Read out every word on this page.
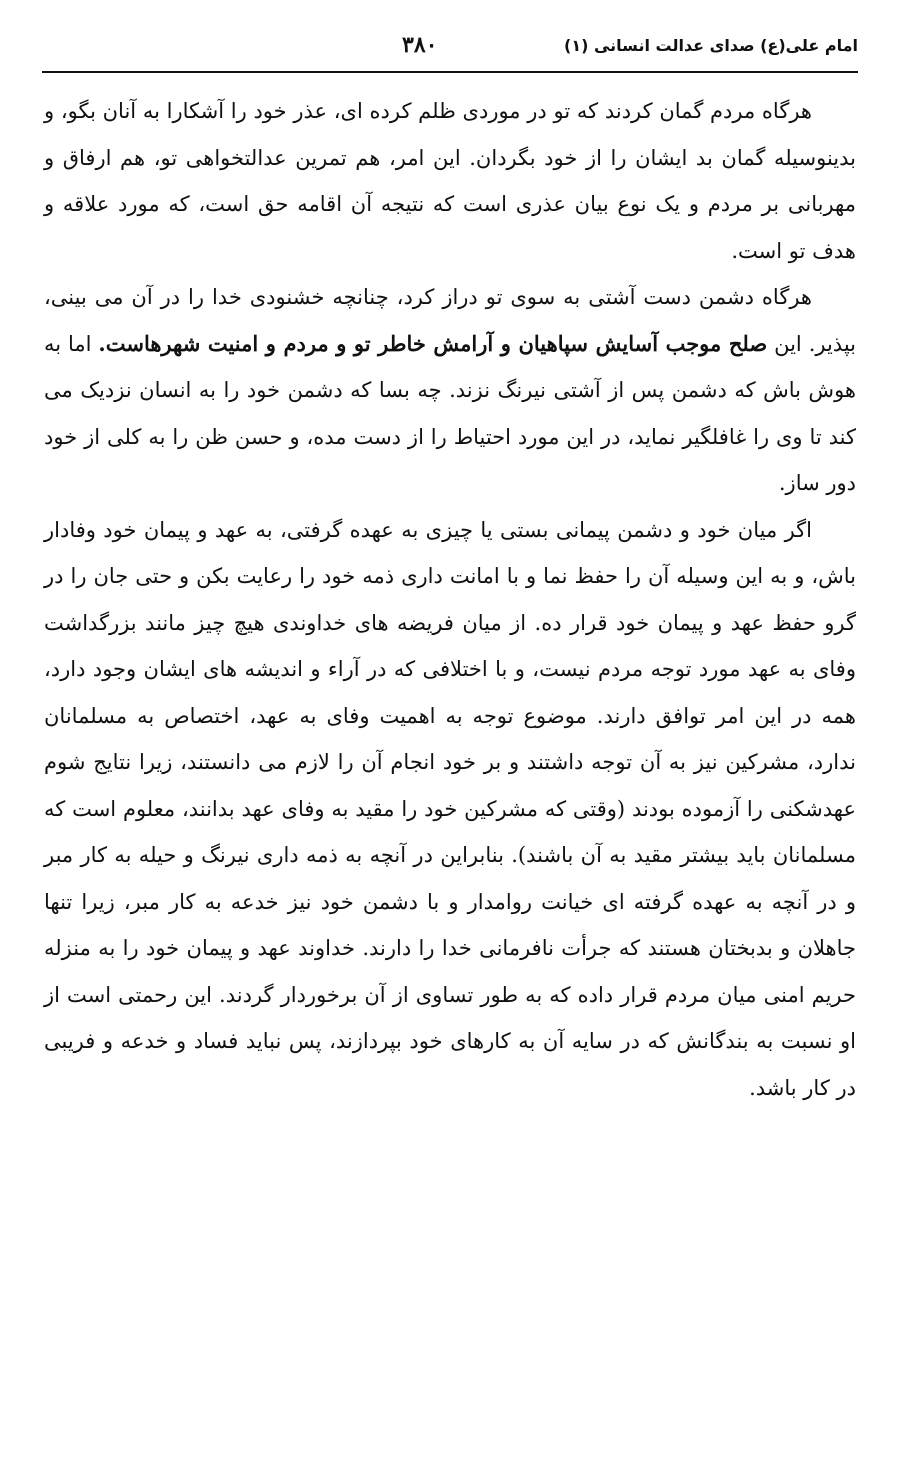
امام علی(ع) صدای عدالت انسانی (۱)
۳۸۰

هرگاه مردم گمان کردند که تو در موردی ظلم کرده ای، عذر خود را آشکارا به آنان بگو، و بدینوسیله گمان بد ایشان را از خود بگردان. این امر، هم تمرین عدالتخواهی تو، هم ارفاق و مهربانی بر مردم و یک نوع بیان عذری است که نتیجه آن اقامه حق است، که مورد علاقه و هدف تو است.

هرگاه دشمن دست آشتی به سوی تو دراز کرد، چنانچه خشنودی خدا را در آن می بینی، بپذیر. این صلح موجب آسایش سپاهیان و آرامش خاطر تو و مردم و امنیت شهرهاست. اما به هوش باش که دشمن پس از آشتی نیرنگ نزند. چه بسا که دشمن خود را به انسان نزدیک می کند تا وی را غافلگیر نماید، در این مورد احتیاط را از دست مده، و حسن ظن را به کلی از خود دور ساز.

اگر میان خود و دشمن پیمانی بستی یا چیزی به عهده گرفتی، به عهد و پیمان خود وفادار باش، و به این وسیله آن را حفظ نما و با امانت داری ذمه خود را رعایت بکن و حتی جان را در گرو حفظ عهد و پیمان خود قرار ده. از میان فریضه های خداوندی هیچ چیز مانند بزرگداشت وفای به عهد مورد توجه مردم نیست، و با اختلافی که در آراء و اندیشه های ایشان وجود دارد، همه در این امر توافق دارند. موضوع توجه به اهمیت وفای به عهد، اختصاص به مسلمانان ندارد، مشرکین نیز به آن توجه داشتند و بر خود انجام آن را لازم می دانستند، زیرا نتایج شوم عهدشکنی را آزموده بودند (وقتی که مشرکین خود را مقید به وفای عهد بدانند، معلوم است که مسلمانان باید بیشتر مقید به آن باشند). بنابراین در آنچه به ذمه داری نیرنگ و حیله به کار مبر و در آنچه به عهده گرفته ای خیانت روامدار و با دشمن خود نیز خدعه به کار مبر، زیرا تنها جاهلان و بدبختان هستند که جرأت نافرمانی خدا را دارند. خداوند عهد و پیمان خود را به منزله حریم امنی میان مردم قرار داده که به طور تساوی از آن برخوردار گردند. این رحمتی است از او نسبت به بندگانش که در سایه آن به کارهای خود بپردازند، پس نباید فساد و خدعه و فریبی در کار باشد.
